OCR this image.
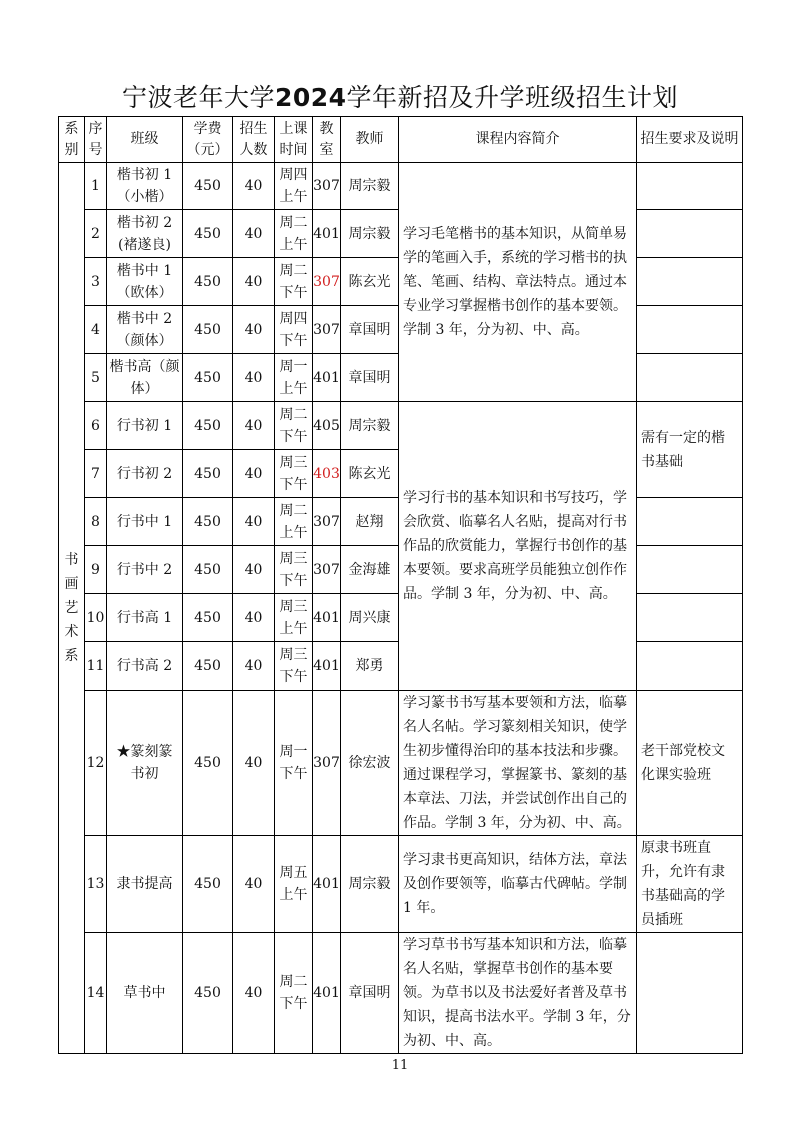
宁波老年大学2024学年新招及升学班级招生计划
系别	序号	班级	学费（元）	招生人数	上课时间	教室	教师	课程内容简介	招生要求及说明
书画艺术系	1	楷书初 1（小楷）	450	40	周四上午	307	周宗毅	学习毛笔楷书的基本知识，从简单易学的笔画入手，系统的学习楷书的执笔、笔画、结构、章法特点。通过本专业学习掌握楷书创作的基本要领。学制 3 年，分为初、中、高。	
	2	楷书初 2 (褚遂良)	450	40	周二上午	401	周宗毅		
	3	楷书中 1（欧体）	450	40	周二下午	307	陈玄光		
	4	楷书中 2（颜体）	450	40	周四下午	307	章国明		
	5	楷书高（颜体）	450	40	周一上午	401	章国明		
	6	行书初 1	450	40	周二下午	405	周宗毅	学习行书的基本知识和书写技巧，学会欣赏、临摹名人名贴，提高对行书作品的欣赏能力，掌握行书创作的基本要领。要求高班学员能独立创作作品。学制 3 年，分为初、中、高。	需有一定的楷书基础
	7	行书初 2	450	40	周三下午	403	陈玄光		
	8	行书中 1	450	40	周二上午	307	赵翔		
	9	行书中 2	450	40	周三下午	307	金海雄		
	10	行书高 1	450	40	周三上午	401	周兴康		
	11	行书高 2	450	40	周三下午	401	郑勇		
	12	★篆刻篆书初	450	40	周一下午	307	徐宏波	学习篆书书写基本要领和方法，临摹名人名帖。学习篆刻相关知识，使学生初步懂得治印的基本技法和步骤。通过课程学习，掌握篆书、篆刻的基本章法、刀法，并尝试创作出自己的作品。学制 3 年，分为初、中、高。	老干部党校文化课实验班
	13	隶书提高	450	40	周五上午	401	周宗毅	学习隶书更高知识，结体方法，章法及创作要领等，临摹古代碑帖。学制 1 年。	原隶书班直升，允许有隶书基础高的学员插班
	14	草书中	450	40	周二下午	401	章国明	学习草书书写基本知识和方法，临摹名人名贴，掌握草书创作的基本要领。为草书以及书法爱好者普及草书知识，提高书法水平。学制 3 年，分为初、中、高。	
11
